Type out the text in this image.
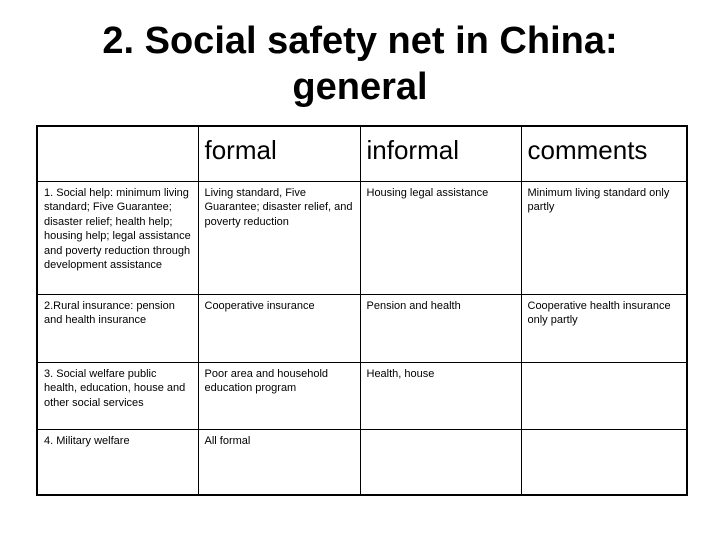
2. Social safety net in China:
general
	formal	informal	comments
1. Social help: minimum living standard; Five Guarantee; disaster relief; health help; housing help; legal assistance and poverty reduction through development assistance	Living standard, Five Guarantee; disaster relief, and poverty reduction	Housing legal assistance	Minimum living standard only partly
2.Rural insurance: pension and health insurance	Cooperative insurance	Pension and health	Cooperative health insurance only partly
3. Social welfare public health, education, house and other social services	Poor area and household education program	Health, house	
4. Military welfare	All formal		
